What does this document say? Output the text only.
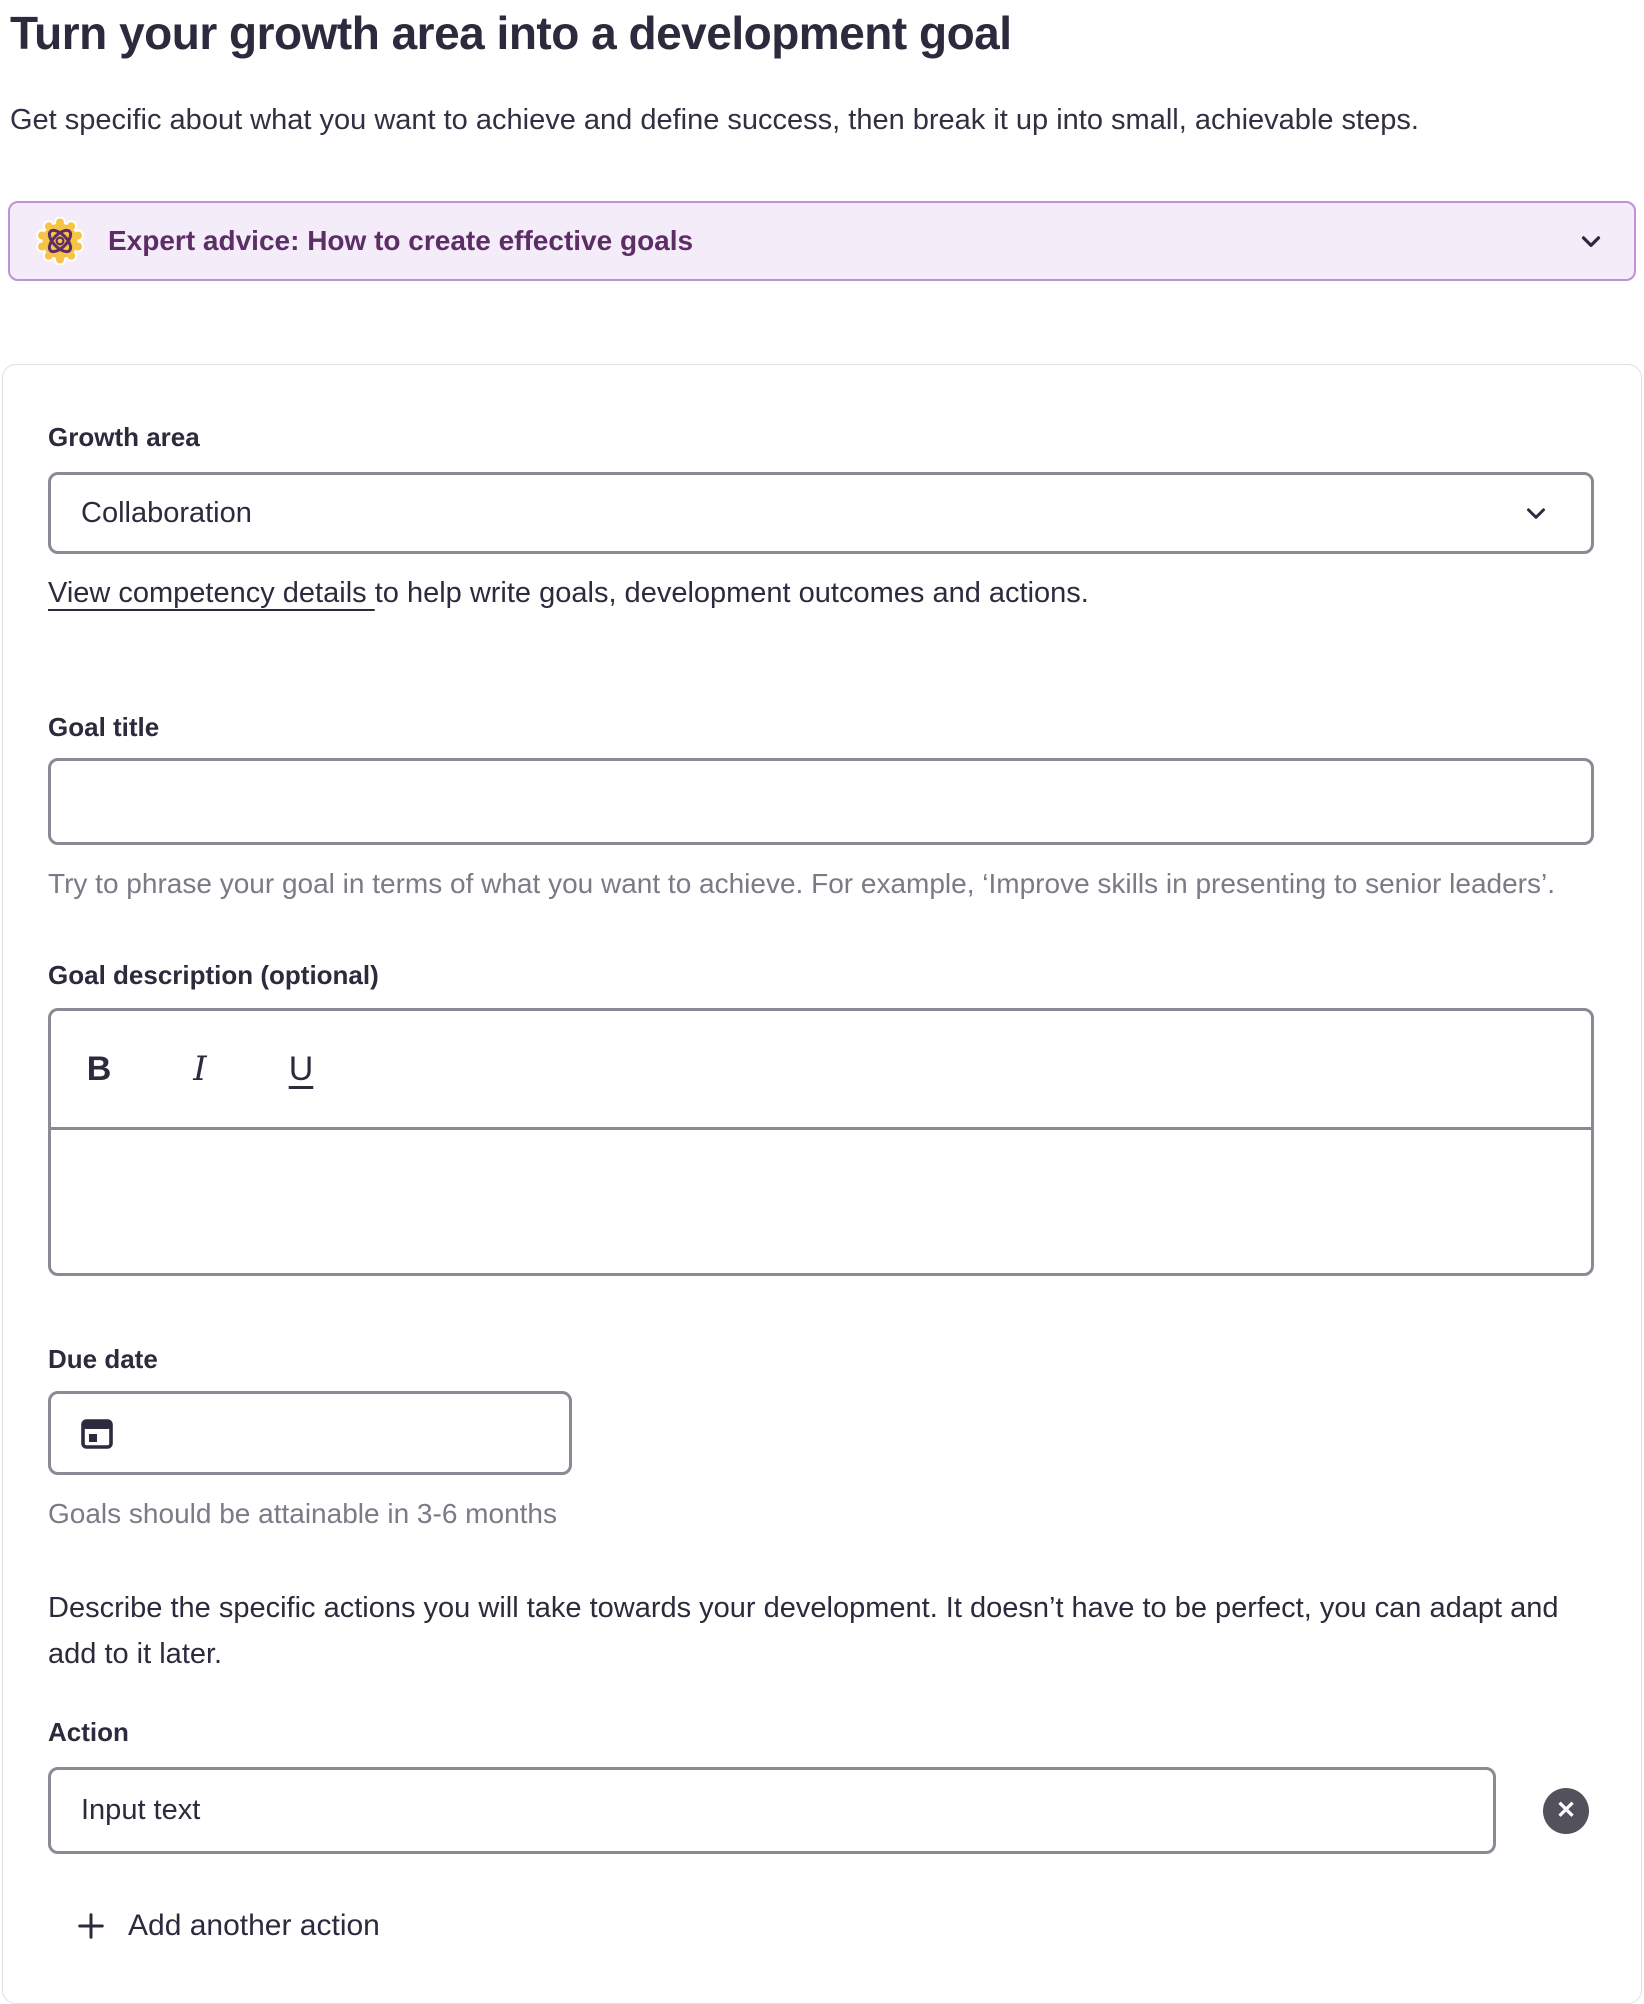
Turn your growth area into a development goal

Get specific about what you want to achieve and define success, then break it up into small, achievable steps.

Expert advice: How to create effective goals
Growth area
Collaboration

View competency details to help write goals, development outcomes and actions.

Goal title

Try to phrase your goal in terms of what you want to achieve. For example, ‘Improve skills in presenting to senior leaders’.

Goal description (optional)
B	I	U
Due date

Goals should be attainable in 3-6 months

Describe the specific actions you will take towards your development. It doesn’t have to be perfect, you can adapt and add to it later.

Action
Input text
✕
Add another action
